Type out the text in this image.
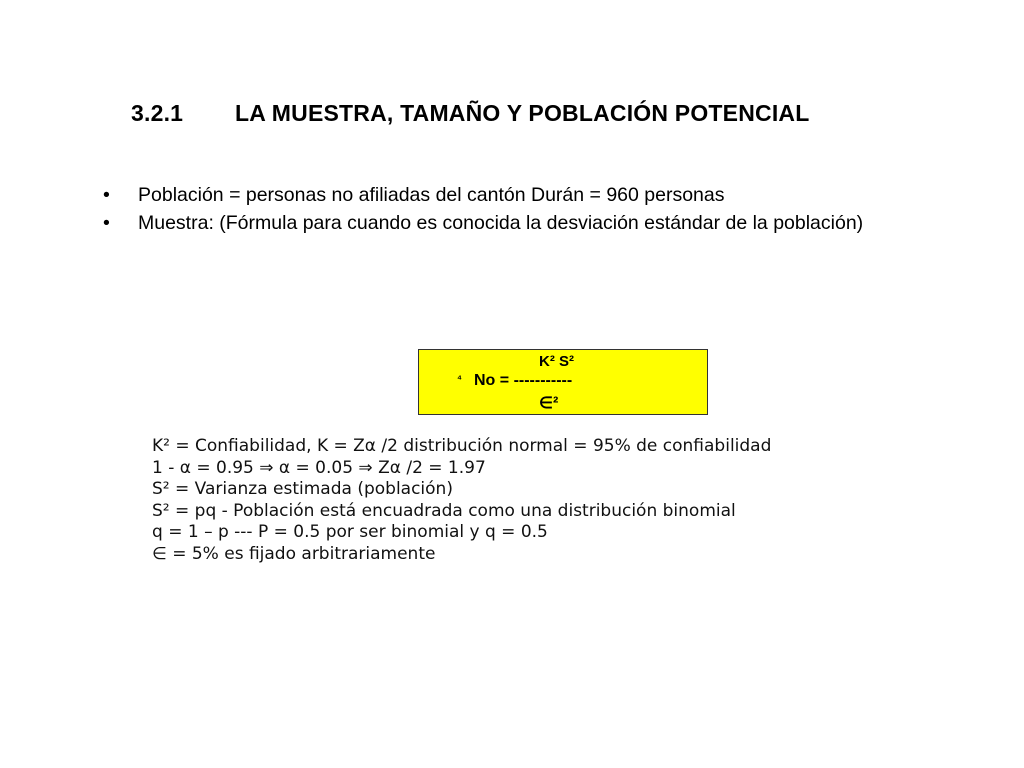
3.2.1 LA MUESTRA, TAMAÑO Y POBLACIÓN POTENCIAL
• Población = personas no afiliadas del cantón Durán = 960 personas
• Muestra: (Fórmula para cuando es conocida la desviación estándar de la población)
K² S²
⁴ No = -----------
∈²
K² = Confiabilidad, K = Zα /2 distribución normal = 95% de confiabilidad
1 - α = 0.95 ⇒ α = 0.05 ⇒ Zα /2 = 1.97
S² = Varianza estimada (población)
S² = pq - Población está encuadrada como una distribución binomial
q = 1 – p --- P = 0.5 por ser binomial y q = 0.5
∈ = 5% es fijado arbitrariamente
